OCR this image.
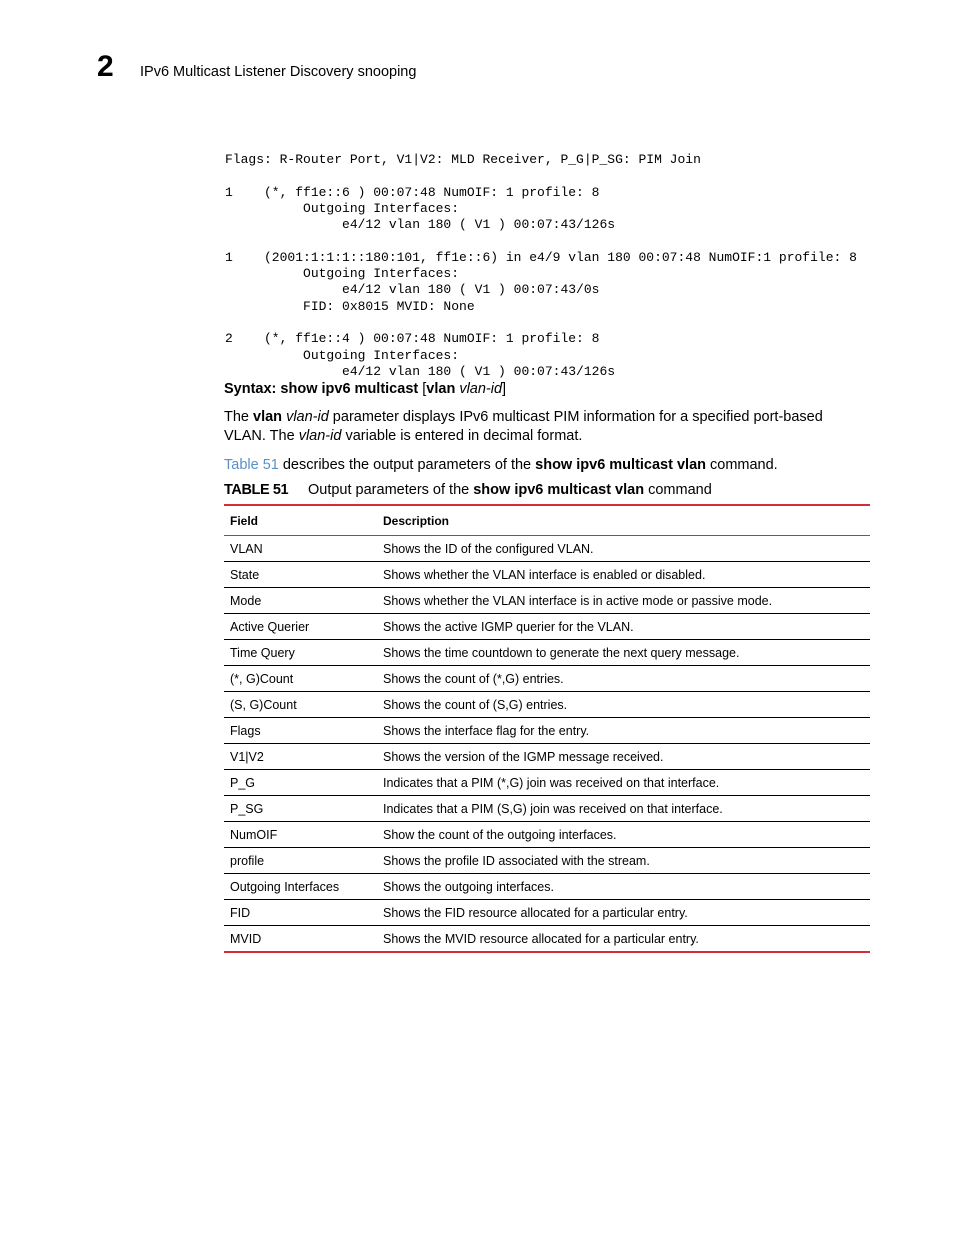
2 IPv6 Multicast Listener Discovery snooping
Flags: R-Router Port, V1|V2: MLD Receiver, P_G|P_SG: PIM Join

1    (*, ff1e::6 ) 00:07:48 NumOIF: 1 profile: 8
Outgoing Interfaces:
e4/12 vlan 180 ( V1 ) 00:07:43/126s

1    (2001:1:1:1::180:101, ff1e::6) in e4/9 vlan 180 00:07:48 NumOIF:1 profile: 8
Outgoing Interfaces:
e4/12 vlan 180 ( V1 ) 00:07:43/0s
FID: 0x8015 MVID: None

2    (*, ff1e::4 ) 00:07:48 NumOIF: 1 profile: 8
Outgoing Interfaces:
e4/12 vlan 180 ( V1 ) 00:07:43/126s
Syntax: show ipv6 multicast [vlan vlan-id]
The vlan vlan-id parameter displays IPv6 multicast PIM information for a specified port-based VLAN. The vlan-id variable is entered in decimal format.
Table 51 describes the output parameters of the show ipv6 multicast vlan command.
TABLE 51 Output parameters of the show ipv6 multicast vlan command
Field	Description
VLAN	Shows the ID of the configured VLAN.
State	Shows whether the VLAN interface is enabled or disabled.
Mode	Shows whether the VLAN interface is in active mode or passive mode.
Active Querier	Shows the active IGMP querier for the VLAN.
Time Query	Shows the time countdown to generate the next query message.
(*, G)Count	Shows the count of (*,G) entries.
(S, G)Count	Shows the count of (S,G) entries.
Flags	Shows the interface flag for the entry.
V1|V2	Shows the version of the IGMP message received.
P_G	Indicates that a PIM (*,G) join was received on that interface.
P_SG	Indicates that a PIM (S,G) join was received on that interface.
NumOIF	Show the count of the outgoing interfaces.
profile	Shows the profile ID associated with the stream.
Outgoing Interfaces	Shows the outgoing interfaces.
FID	Shows the FID resource allocated for a particular entry.
MVID	Shows the MVID resource allocated for a particular entry.
